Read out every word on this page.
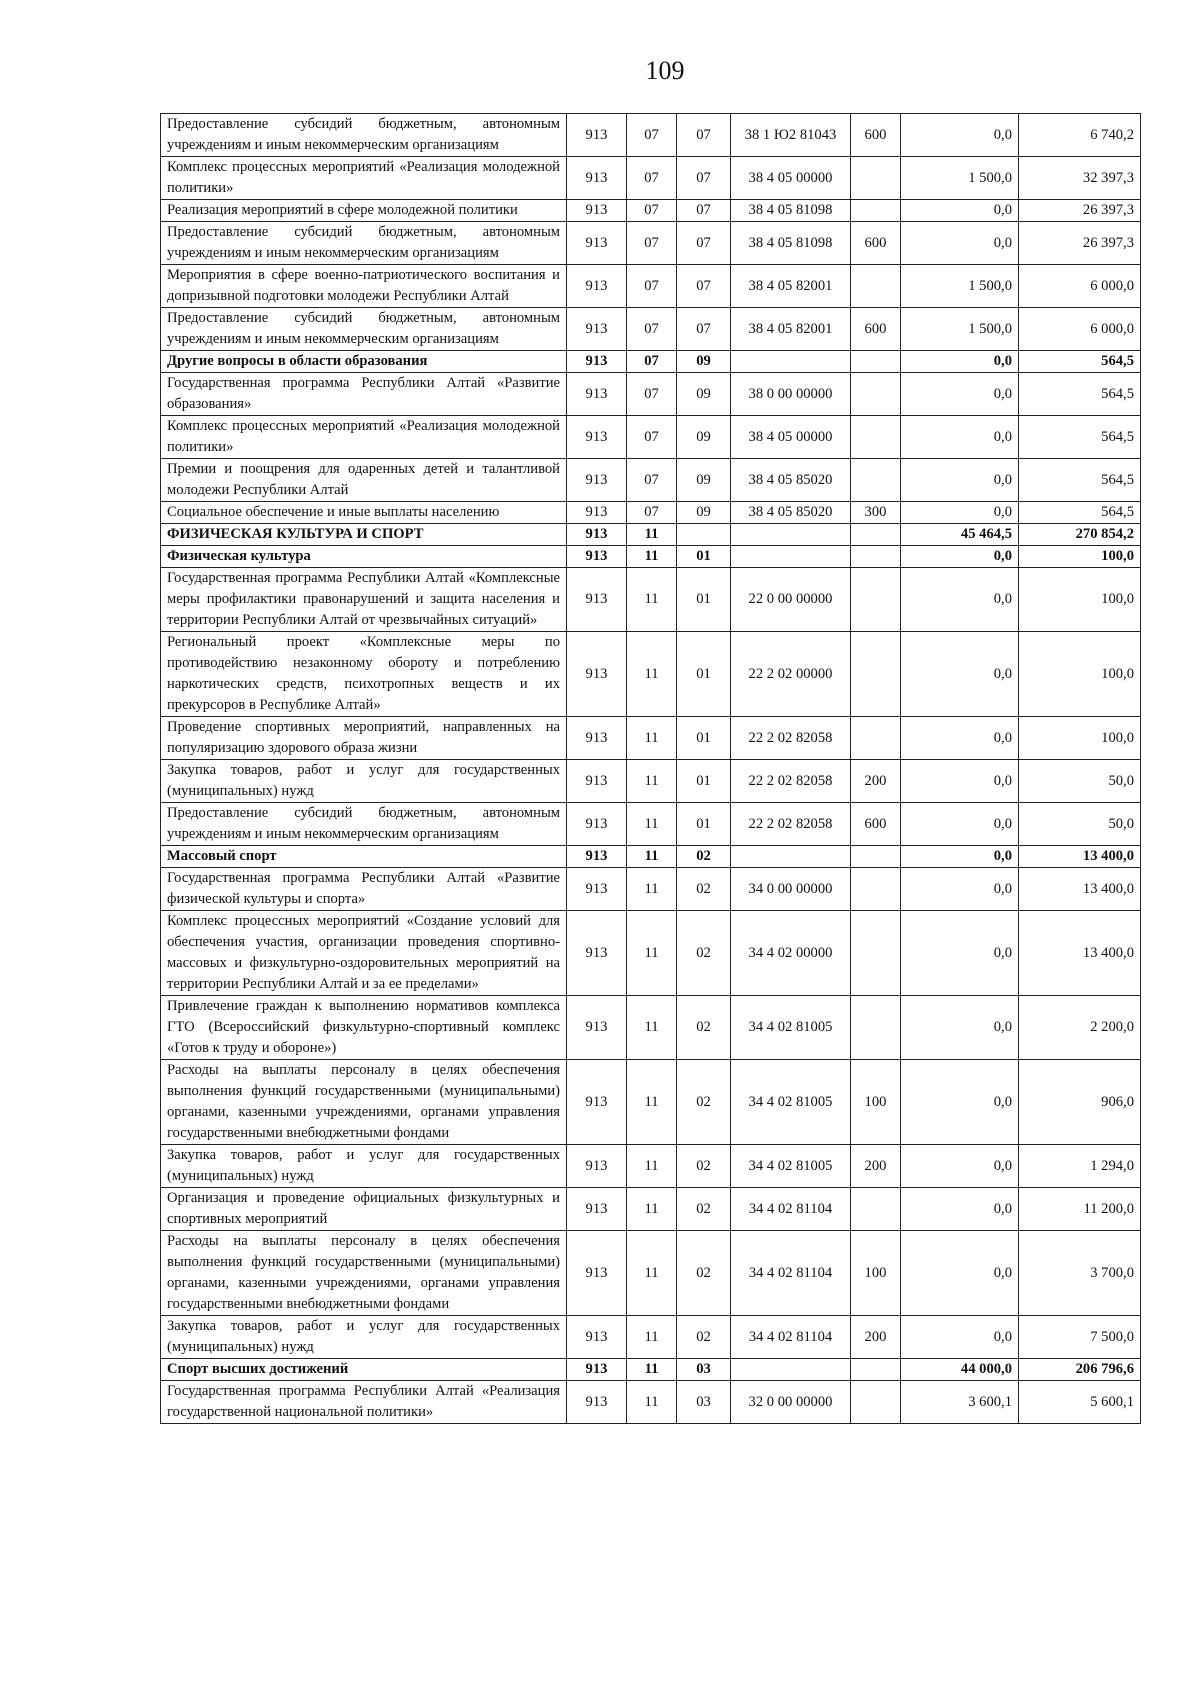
109
Предоставление субсидий бюджетным, автономным учреждениям и иным некоммерческим организациям	913	07	07	38 1 Ю2 81043	600	0,0	6 740,2
Комплекс процессных мероприятий «Реализация молодежной политики»	913	07	07	38 4 05 00000		1 500,0	32 397,3
Реализация мероприятий в сфере молодежной политики	913	07	07	38 4 05 81098		0,0	26 397,3
Предоставление субсидий бюджетным, автономным учреждениям и иным некоммерческим организациям	913	07	07	38 4 05 81098	600	0,0	26 397,3
Мероприятия в сфере военно-патриотического воспитания и допризывной подготовки молодежи Республики Алтай	913	07	07	38 4 05 82001		1 500,0	6 000,0
Предоставление субсидий бюджетным, автономным учреждениям и иным некоммерческим организациям	913	07	07	38 4 05 82001	600	1 500,0	6 000,0
Другие вопросы в области образования	913	07	09			0,0	564,5
Государственная программа Республики Алтай «Развитие образования»	913	07	09	38 0 00 00000		0,0	564,5
Комплекс процессных мероприятий «Реализация молодежной политики»	913	07	09	38 4 05 00000		0,0	564,5
Премии и поощрения для одаренных детей и талантливой молодежи Республики Алтай	913	07	09	38 4 05 85020		0,0	564,5
Социальное обеспечение и иные выплаты населению	913	07	09	38 4 05 85020	300	0,0	564,5
ФИЗИЧЕСКАЯ КУЛЬТУРА И СПОРТ	913	11				45 464,5	270 854,2
Физическая культура	913	11	01			0,0	100,0
Государственная программа Республики Алтай «Комплексные меры профилактики правонарушений и защита населения и территории Республики Алтай от чрезвычайных ситуаций»	913	11	01	22 0 00 00000		0,0	100,0
Региональный проект «Комплексные меры по противодействию незаконному обороту и потреблению наркотических средств, психотропных веществ и их прекурсоров в Республике Алтай»	913	11	01	22 2 02 00000		0,0	100,0
Проведение спортивных мероприятий, направленных на популяризацию здорового образа жизни	913	11	01	22 2 02 82058		0,0	100,0
Закупка товаров, работ и услуг для государственных (муниципальных) нужд	913	11	01	22 2 02 82058	200	0,0	50,0
Предоставление субсидий бюджетным, автономным учреждениям и иным некоммерческим организациям	913	11	01	22 2 02 82058	600	0,0	50,0
Массовый спорт	913	11	02			0,0	13 400,0
Государственная программа Республики Алтай «Развитие физической культуры и спорта»	913	11	02	34 0 00 00000		0,0	13 400,0
Комплекс процессных мероприятий «Создание условий для обеспечения участия, организации проведения спортивно-массовых и физкультурно-оздоровительных мероприятий на территории Республики Алтай и за ее пределами»	913	11	02	34 4 02 00000		0,0	13 400,0
Привлечение граждан к выполнению нормативов комплекса ГТО (Всероссийский физкультурно-спортивный комплекс «Готов к труду и обороне»)	913	11	02	34 4 02 81005		0,0	2 200,0
Расходы на выплаты персоналу в целях обеспечения выполнения функций государственными (муниципальными) органами, казенными учреждениями, органами управления государственными внебюджетными фондами	913	11	02	34 4 02 81005	100	0,0	906,0
Закупка товаров, работ и услуг для государственных (муниципальных) нужд	913	11	02	34 4 02 81005	200	0,0	1 294,0
Организация и проведение официальных физкультурных и спортивных мероприятий	913	11	02	34 4 02 81104		0,0	11 200,0
Расходы на выплаты персоналу в целях обеспечения выполнения функций государственными (муниципальными) органами, казенными учреждениями, органами управления государственными внебюджетными фондами	913	11	02	34 4 02 81104	100	0,0	3 700,0
Закупка товаров, работ и услуг для государственных (муниципальных) нужд	913	11	02	34 4 02 81104	200	0,0	7 500,0
Спорт высших достижений	913	11	03			44 000,0	206 796,6
Государственная программа Республики Алтай «Реализация государственной национальной политики»	913	11	03	32 0 00 00000		3 600,1	5 600,1
